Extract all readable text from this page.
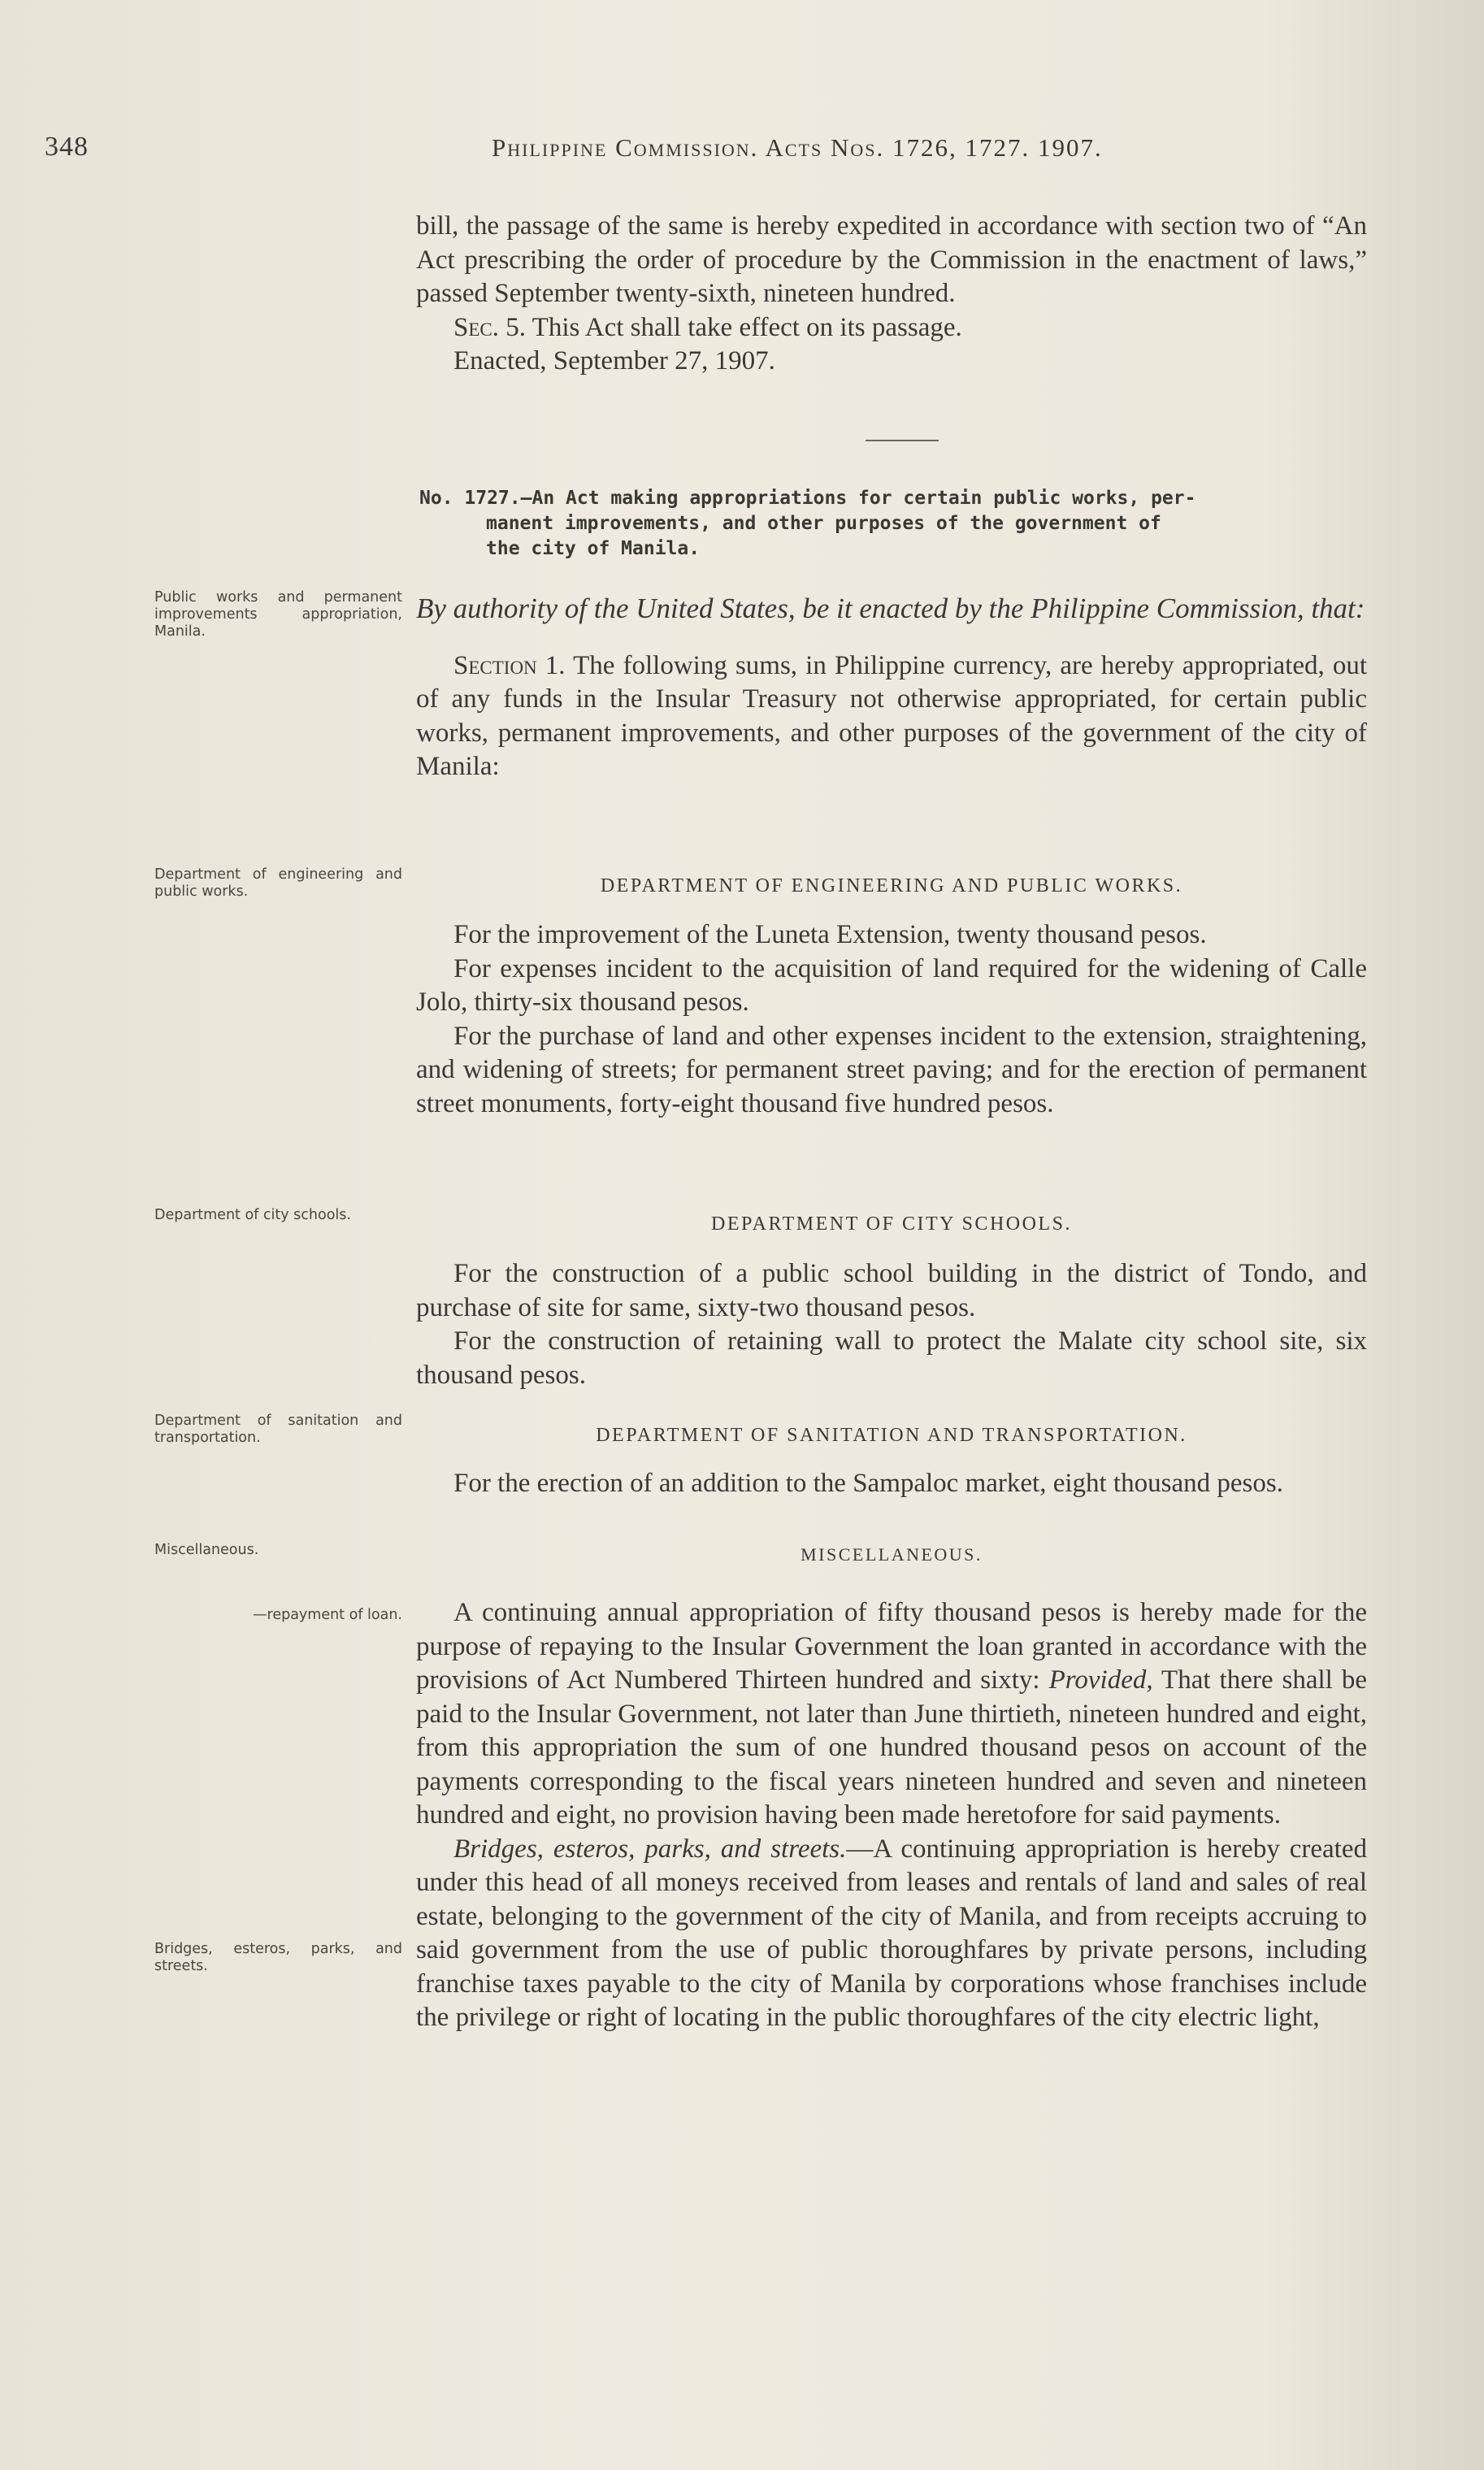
348	Philippine Commission. Acts Nos. 1726, 1727. 1907.

bill, the passage of the same is hereby expedited in accordance with section two of “An Act prescribing the order of procedure by the Commission in the enactment of laws,” passed September twenty-sixth, nineteen hundred.

Sec. 5. This Act shall take effect on its passage.

Enacted, September 27, 1907.

No. 1727.—An Act making appropriations for certain public works, per-
manent improvements, and other purposes of the government of
the city of Manila.
Public works and permanent improvements appropriation, Manila.
Department of engineering and public works.
Department of city schools.
Department of sanitation and transportation.
Miscellaneous.
—repayment of loan.
Bridges, esteros, parks, and streets.

By authority of the United States, be it enacted by the Philippine Commission, that:

Section 1. The following sums, in Philippine currency, are hereby appropriated, out of any funds in the Insular Treasury not otherwise appropriated, for certain public works, permanent improvements, and other purposes of the government of the city of Manila:

DEPARTMENT OF ENGINEERING AND PUBLIC WORKS.

For the improvement of the Luneta Extension, twenty thousand pesos.

For expenses incident to the acquisition of land required for the widening of Calle Jolo, thirty-six thousand pesos.

For the purchase of land and other expenses incident to the extension, straightening, and widening of streets; for permanent street paving; and for the erection of permanent street monuments, forty-eight thousand five hundred pesos.

DEPARTMENT OF CITY SCHOOLS.

For the construction of a public school building in the district of Tondo, and purchase of site for same, sixty-two thousand pesos.

For the construction of retaining wall to protect the Malate city school site, six thousand pesos.

DEPARTMENT OF SANITATION AND TRANSPORTATION.

For the erection of an addition to the Sampaloc market, eight thousand pesos.

MISCELLANEOUS.

A continuing annual appropriation of fifty thousand pesos is hereby made for the purpose of repaying to the Insular Government the loan granted in accordance with the provisions of Act Numbered Thirteen hundred and sixty: Provided, That there shall be paid to the Insular Government, not later than June thirtieth, nineteen hundred and eight, from this appropriation the sum of one hundred thousand pesos on account of the payments corresponding to the fiscal years nineteen hundred and seven and nineteen hundred and eight, no provision having been made heretofore for said payments.

Bridges, esteros, parks, and streets.—A continuing appropriation is hereby created under this head of all moneys received from leases and rentals of land and sales of real estate, belonging to the government of the city of Manila, and from receipts accruing to said government from the use of public thoroughfares by private persons, including franchise taxes payable to the city of Manila by corporations whose franchises include the privilege or right of locating in the public thoroughfares of the city electric light,
